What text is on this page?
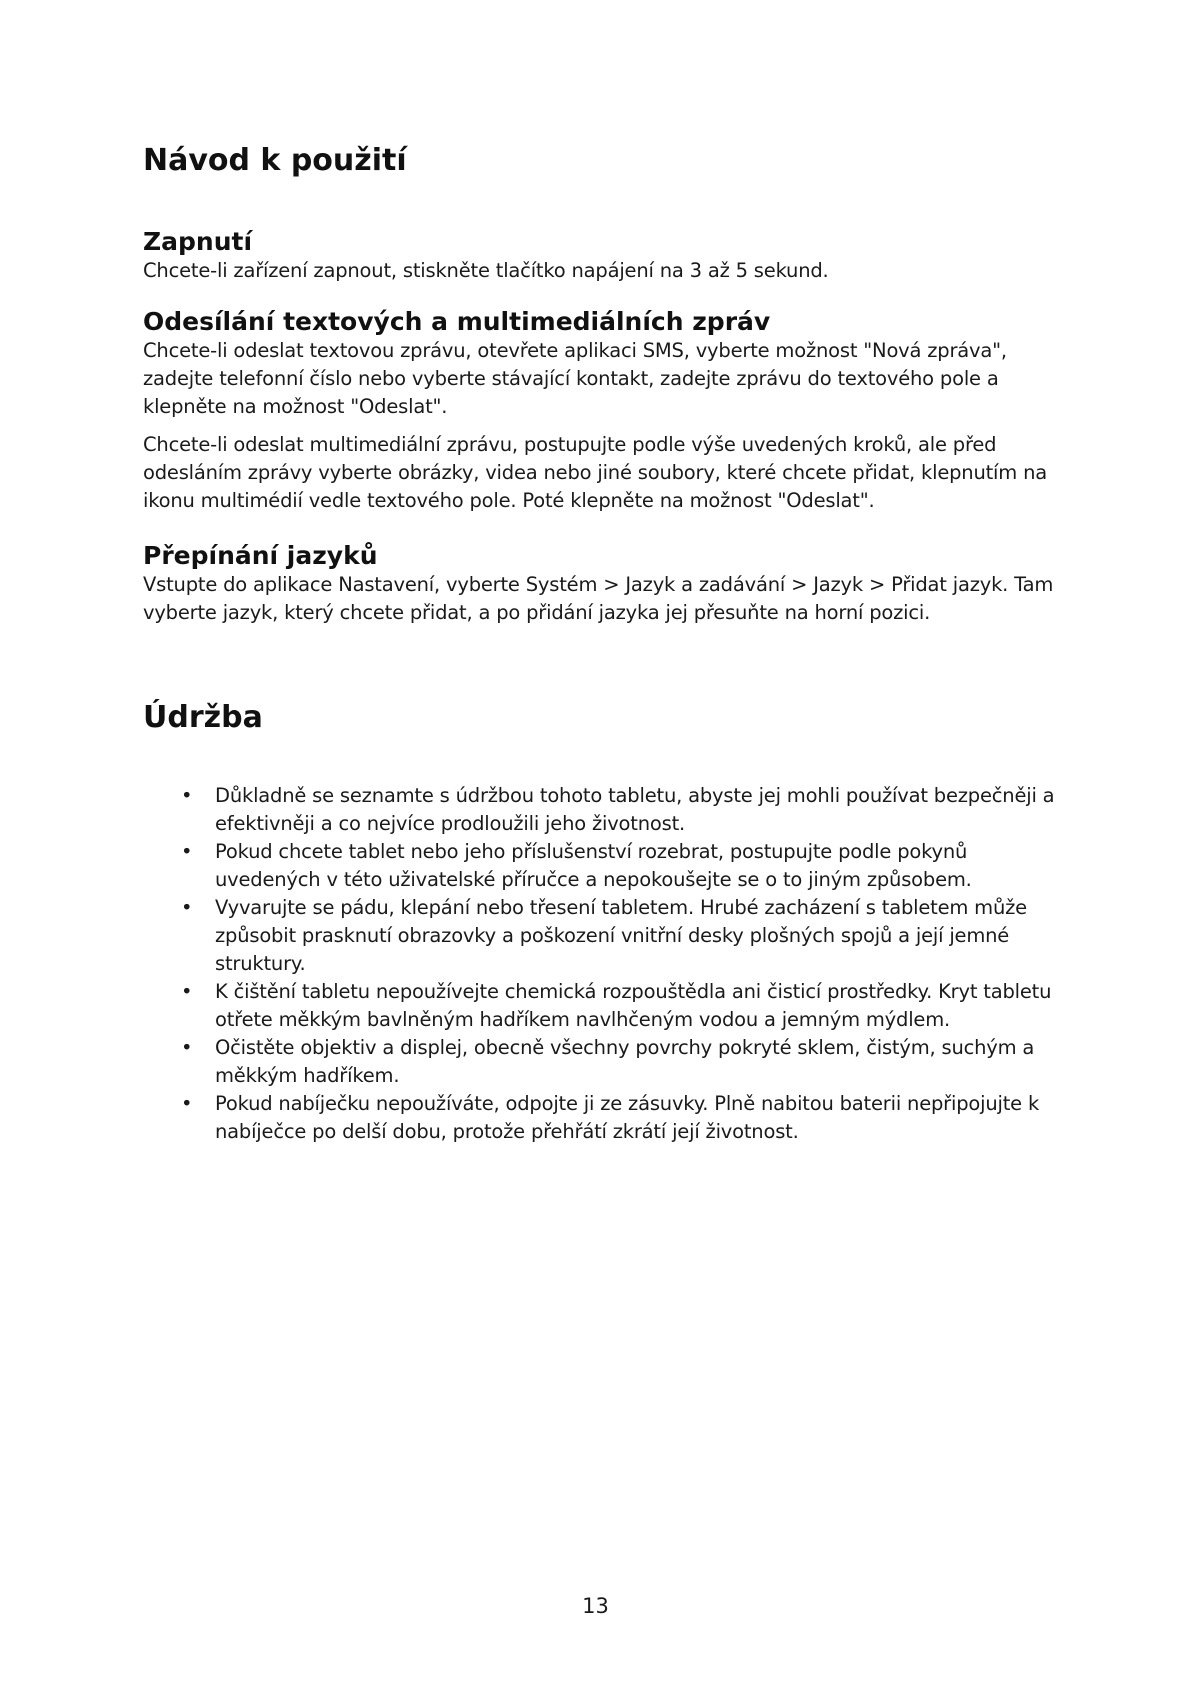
Návod k použití
Zapnutí

Chcete-li zařízení zapnout, stiskněte tlačítko napájení na 3 až 5 sekund.

Odesílání textových a multimediálních zpráv

Chcete-li odeslat textovou zprávu, otevřete aplikaci SMS, vyberte možnost "Nová zpráva", zadejte telefonní číslo nebo vyberte stávající kontakt, zadejte zprávu do textového pole a klepněte na možnost "Odeslat".

Chcete-li odeslat multimediální zprávu, postupujte podle výše uvedených kroků, ale před odesláním zprávy vyberte obrázky, videa nebo jiné soubory, které chcete přidat, klepnutím na ikonu multimédií vedle textového pole. Poté klepněte na možnost "Odeslat".

Přepínání jazyků

Vstupte do aplikace Nastavení, vyberte Systém > Jazyk a zadávání > Jazyk > Přidat jazyk. Tam vyberte jazyk, který chcete přidat, a po přidání jazyka jej přesuňte na horní pozici.

Údržba
• Důkladně se seznamte s údržbou tohoto tabletu, abyste jej mohli používat bezpečněji a efektivněji a co nejvíce prodloužili jeho životnost.
• Pokud chcete tablet nebo jeho příslušenství rozebrat, postupujte podle pokynů uvedených v této uživatelské příručce a nepokoušejte se o to jiným způsobem.
• Vyvarujte se pádu, klepání nebo třesení tabletem. Hrubé zacházení s tabletem může způsobit prasknutí obrazovky a poškození vnitřní desky plošných spojů a její jemné struktury.
• K čištění tabletu nepoužívejte chemická rozpouštědla ani čisticí prostředky. Kryt tabletu otřete měkkým bavlněným hadříkem navlhčeným vodou a jemným mýdlem.
• Očistěte objektiv a displej, obecně všechny povrchy pokryté sklem, čistým, suchým a měkkým hadříkem.
• Pokud nabíječku nepoužíváte, odpojte ji ze zásuvky. Plně nabitou baterii nepřipojujte k nabíječce po delší dobu, protože přehřátí zkrátí její životnost.
13
